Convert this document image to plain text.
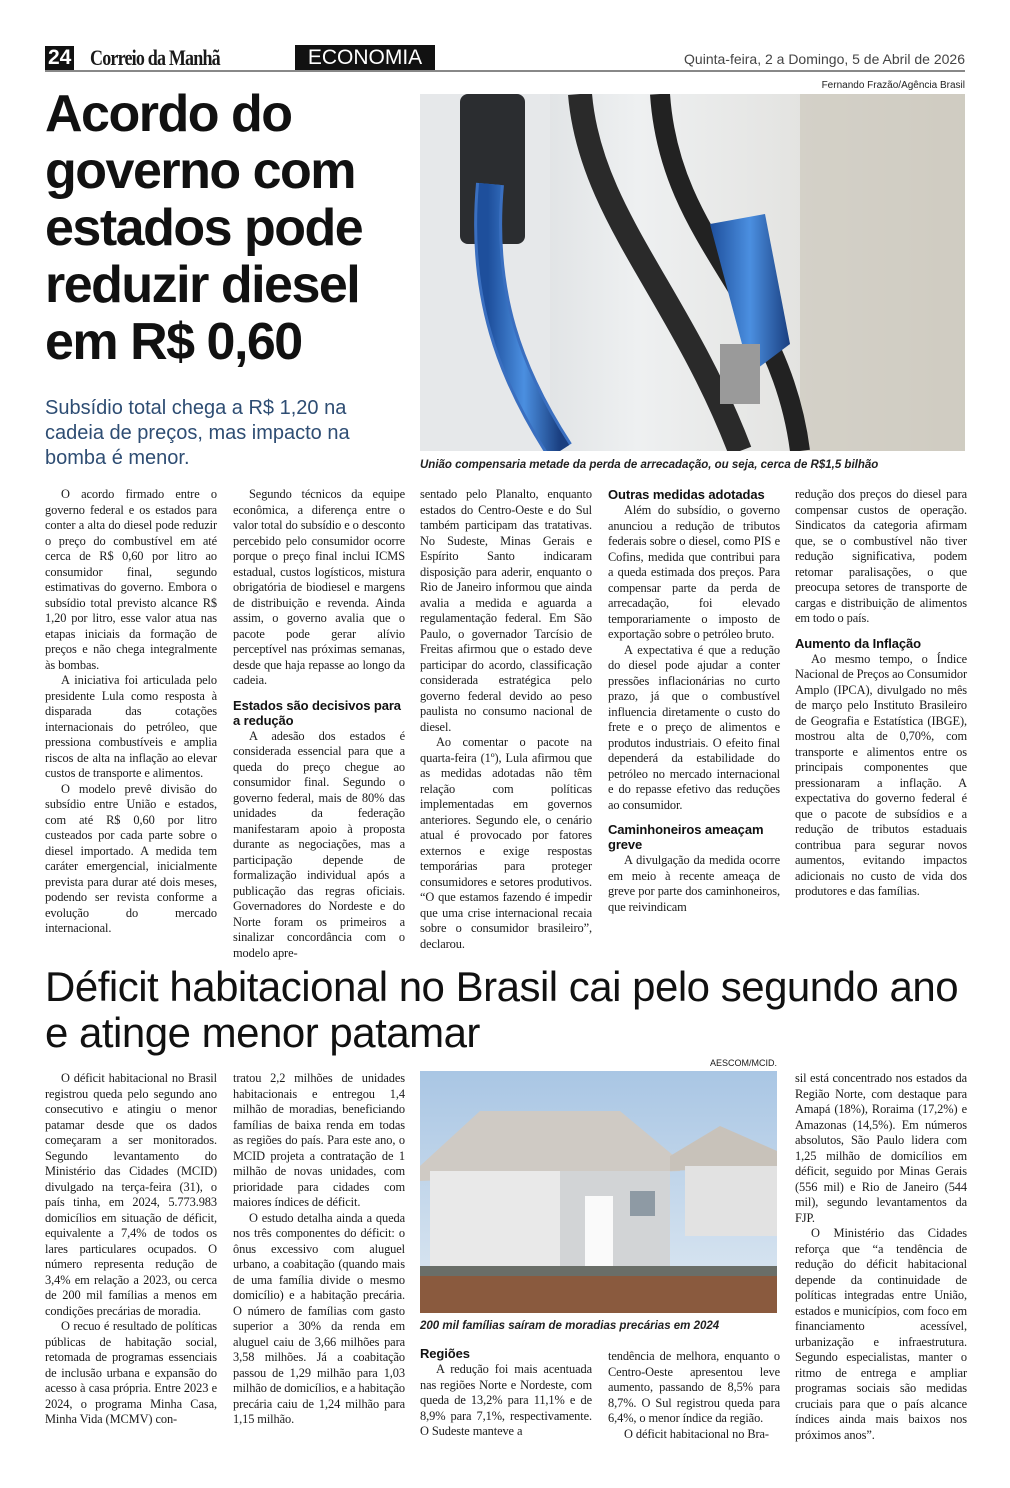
24 Correio da Manhã	ECONOMIA	Quinta-feira, 2 a Domingo, 5 de Abril de 2026
Acordo do governo com estados pode reduzir diesel em R$ 0,60
Subsídio total chega a R$ 1,20 na cadeia de preços, mas impacto na bomba é menor.
Fernando Frazão/Agência Brasil
União compensaria metade da perda de arrecadação, ou seja, cerca de R$1,5 bilhão

O acordo firmado entre o governo federal e os estados para conter a alta do diesel pode reduzir o preço do combustível em até cerca de R$ 0,60 por litro ao consumidor final, segundo estimativas do governo. Embora o subsídio total previsto alcance R$ 1,20 por litro, esse valor atua nas etapas iniciais da formação de preços e não chega integralmente às bombas.

A iniciativa foi articulada pelo presidente Lula como resposta à disparada das cotações internacionais do petróleo, que pressiona combustíveis e amplia riscos de alta na inflação ao elevar custos de transporte e alimentos.

O modelo prevê divisão do subsídio entre União e estados, com até R$ 0,60 por litro custeados por cada parte sobre o diesel importado. A medida tem caráter emergencial, inicialmente prevista para durar até dois meses, podendo ser revista conforme a evolução do mercado internacional.

Segundo técnicos da equipe econômica, a diferença entre o valor total do subsídio e o desconto percebido pelo consumidor ocorre porque o preço final inclui ICMS estadual, custos logísticos, mistura obrigatória de biodiesel e margens de distribuição e revenda. Ainda assim, o governo avalia que o pacote pode gerar alívio perceptível nas próximas semanas, desde que haja repasse ao longo da cadeia.

Estados são decisivos para a redução

A adesão dos estados é considerada essencial para que a queda do preço chegue ao consumidor final. Segundo o governo federal, mais de 80% das unidades da federação manifestaram apoio à proposta durante as negociações, mas a participação depende de formalização individual após a publicação das regras oficiais. Governadores do Nordeste e do Norte foram os primeiros a sinalizar concordância com o modelo apre-

sentado pelo Planalto, enquanto estados do Centro-Oeste e do Sul também participam das tratativas. No Sudeste, Minas Gerais e Espírito Santo indicaram disposição para aderir, enquanto o Rio de Janeiro informou que ainda avalia a medida e aguarda a regulamentação federal. Em São Paulo, o governador Tarcísio de Freitas afirmou que o estado deve participar do acordo, classificação considerada estratégica pelo governo federal devido ao peso paulista no consumo nacional de diesel.

Ao comentar o pacote na quarta-feira (1º), Lula afirmou que as medidas adotadas não têm relação com políticas implementadas em governos anteriores. Segundo ele, o cenário atual é provocado por fatores externos e exige respostas temporárias para proteger consumidores e setores produtivos. “O que estamos fazendo é impedir que uma crise internacional recaia sobre o consumidor brasileiro”, declarou.

Outras medidas adotadas

Além do subsídio, o governo anunciou a redução de tributos federais sobre o diesel, como PIS e Cofins, medida que contribui para a queda estimada dos preços. Para compensar parte da perda de arrecadação, foi elevado temporariamente o imposto de exportação sobre o petróleo bruto.

A expectativa é que a redução do diesel pode ajudar a conter pressões inflacionárias no curto prazo, já que o combustível influencia diretamente o custo do frete e o preço de alimentos e produtos industriais. O efeito final dependerá da estabilidade do petróleo no mercado internacional e do repasse efetivo das reduções ao consumidor.

Caminhoneiros ameaçam greve

A divulgação da medida ocorre em meio à recente ameaça de greve por parte dos caminhoneiros, que reivindicam

redução dos preços do diesel para compensar custos de operação. Sindicatos da categoria afirmam que, se o combustível não tiver redução significativa, podem retomar paralisações, o que preocupa setores de transporte de cargas e distribuição de alimentos em todo o país.

Aumento da Inflação

Ao mesmo tempo, o Índice Nacional de Preços ao Consumidor Amplo (IPCA), divulgado no mês de março pelo Instituto Brasileiro de Geografia e Estatística (IBGE), mostrou alta de 0,70%, com transporte e alimentos entre os principais componentes que pressionaram a inflação. A expectativa do governo federal é que o pacote de subsídios e a redução de tributos estaduais contribua para segurar novos aumentos, evitando impactos adicionais no custo de vida dos produtores e das famílias.

Déficit habitacional no Brasil cai pelo segundo ano e atinge menor patamar
AESCOM/MCID.
200 mil famílias saíram de moradias precárias em 2024

O déficit habitacional no Brasil registrou queda pelo segundo ano consecutivo e atingiu o menor patamar desde que os dados começaram a ser monitorados. Segundo levantamento do Ministério das Cidades (MCID) divulgado na terça-feira (31), o país tinha, em 2024, 5.773.983 domicílios em situação de déficit, equivalente a 7,4% de todos os lares particulares ocupados. O número representa redução de 3,4% em relação a 2023, ou cerca de 200 mil famílias a menos em condições precárias de moradia.

O recuo é resultado de políticas públicas de habitação social, retomada de programas essenciais de inclusão urbana e expansão do acesso à casa própria. Entre 2023 e 2024, o programa Minha Casa, Minha Vida (MCMV) con-

tratou 2,2 milhões de unidades habitacionais e entregou 1,4 milhão de moradias, beneficiando famílias de baixa renda em todas as regiões do país. Para este ano, o MCID projeta a contratação de 1 milhão de novas unidades, com prioridade para cidades com maiores índices de déficit.

O estudo detalha ainda a queda nos três componentes do déficit: o ônus excessivo com aluguel urbano, a coabitação (quando mais de uma família divide o mesmo domicílio) e a habitação precária. O número de famílias com gasto superior a 30% da renda em aluguel caiu de 3,66 milhões para 3,58 milhões. Já a coabitação passou de 1,29 milhão para 1,03 milhão de domicílios, e a habitação precária caiu de 1,24 milhão para 1,15 milhão.

Regiões

A redução foi mais acentuada nas regiões Norte e Nordeste, com queda de 13,2% para 11,1% e de 8,9% para 7,1%, respectivamente. O Sudeste manteve a

tendência de melhora, enquanto o Centro-Oeste apresentou leve aumento, passando de 8,5% para 8,7%. O Sul registrou queda para 6,4%, o menor índice da região.

O déficit habitacional no Bra-

sil está concentrado nos estados da Região Norte, com destaque para Amapá (18%), Roraima (17,2%) e Amazonas (14,5%). Em números absolutos, São Paulo lidera com 1,25 milhão de domicílios em déficit, seguido por Minas Gerais (556 mil) e Rio de Janeiro (544 mil), segundo levantamentos da FJP.

O Ministério das Cidades reforça que “a tendência de redução do déficit habitacional depende da continuidade de políticas integradas entre União, estados e municípios, com foco em financiamento acessível, urbanização e infraestrutura. Segundo especialistas, manter o ritmo de entrega e ampliar programas sociais são medidas cruciais para que o país alcance índices ainda mais baixos nos próximos anos”.
